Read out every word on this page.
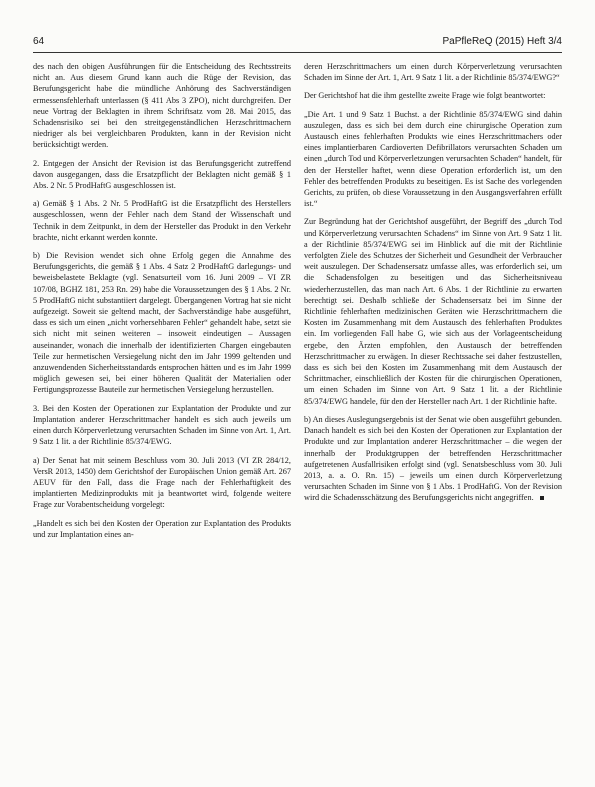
64	PaPfleReQ (2015) Heft 3/4

des nach den obigen Ausführungen für die Entscheidung des Rechtsstreits nicht an. Aus diesem Grund kann auch die Rüge der Revision, das Berufungsgericht habe die mündliche Anhörung des Sachverständigen ermessensfehlerhaft unterlassen (§ 411 Abs 3 ZPO), nicht durchgreifen. Der neue Vortrag der Beklagten in ihrem Schriftsatz vom 28. Mai 2015, das Schadensrisiko sei bei den streitgegenständlichen Herzschrittmachern niedriger als bei vergleichbaren Produkten, kann in der Revision nicht berücksichtigt werden.

2. Entgegen der Ansicht der Revision ist das Berufungsgericht zutreffend davon ausgegangen, dass die Ersatzpflicht der Beklagten nicht gemäß § 1 Abs. 2 Nr. 5 ProdHaftG ausgeschlossen ist.

a) Gemäß § 1 Abs. 2 Nr. 5 ProdHaftG ist die Ersatzpflicht des Herstellers ausgeschlossen, wenn der Fehler nach dem Stand der Wissenschaft und Technik in dem Zeitpunkt, in dem der Hersteller das Produkt in den Verkehr brachte, nicht erkannt werden konnte.

b) Die Revision wendet sich ohne Erfolg gegen die Annahme des Berufungsgerichts, die gemäß § 1 Abs. 4 Satz 2 ProdHaftG darlegungs- und beweisbelastete Beklagte (vgl. Senatsurteil vom 16. Juni 2009 – VI ZR 107/08, BGHZ 181, 253 Rn. 29) habe die Voraussetzungen des § 1 Abs. 2 Nr. 5 ProdHaftG nicht substantiiert dargelegt. Übergangenen Vortrag hat sie nicht aufgezeigt. Soweit sie geltend macht, der Sachverständige habe ausgeführt, dass es sich um einen „nicht vorhersehbaren Fehler“ gehandelt habe, setzt sie sich nicht mit seinen weiteren – insoweit eindeutigen – Aussagen auseinander, wonach die innerhalb der identifizierten Chargen eingebauten Teile zur hermetischen Versiegelung nicht den im Jahr 1999 geltenden und anzuwendenden Sicherheitsstandards entsprochen hätten und es im Jahr 1999 möglich gewesen sei, bei einer höheren Qualität der Materialien oder Fertigungsprozesse Bauteile zur hermetischen Versiegelung herzustellen.

3. Bei den Kosten der Operationen zur Explantation der Produkte und zur Implantation anderer Herzschrittmacher handelt es sich auch jeweils um einen durch Körperverletzung verursachten Schaden im Sinne von Art. 1, Art. 9 Satz 1 lit. a der Richtlinie 85/374/EWG.

a) Der Senat hat mit seinem Beschluss vom 30. Juli 2013 (VI ZR 284/12, VersR 2013, 1450) dem Gerichtshof der Europäischen Union gemäß Art. 267 AEUV für den Fall, dass die Frage nach der Fehlerhaftigkeit des implantierten Medizinprodukts mit ja beantwortet wird, folgende weitere Frage zur Vorabentscheidung vorgelegt:

„Handelt es sich bei den Kosten der Operation zur Explantation des Produkts und zur Implantation eines an-

deren Herzschrittmachers um einen durch Körperverletzung verursachten Schaden im Sinne der Art. 1, Art. 9 Satz 1 lit. a der Richtlinie 85/374/EWG?“

Der Gerichtshof hat die ihm gestellte zweite Frage wie folgt beantwortet:

„Die Art. 1 und 9 Satz 1 Buchst. a der Richtlinie 85/374/EWG sind dahin auszulegen, dass es sich bei dem durch eine chirurgische Operation zum Austausch eines fehlerhaften Produkts wie eines Herzschrittmachers oder eines implantierbaren Cardioverten Defibrillators verursachten Schaden um einen „durch Tod und Körperverletzungen verursachten Schaden“ handelt, für den der Hersteller haftet, wenn diese Operation erforderlich ist, um den Fehler des betreffenden Produkts zu beseitigen. Es ist Sache des vorlegenden Gerichts, zu prüfen, ob diese Voraussetzung in den Ausgangsverfahren erfüllt ist.“

Zur Begründung hat der Gerichtshof ausgeführt, der Begriff des „durch Tod und Körperverletzung verursachten Schadens“ im Sinne von Art. 9 Satz 1 lit. a der Richtlinie 85/374/EWG sei im Hinblick auf die mit der Richtlinie verfolgten Ziele des Schutzes der Sicherheit und Gesundheit der Verbraucher weit auszulegen. Der Schadensersatz umfasse alles, was erforderlich sei, um die Schadensfolgen zu beseitigen und das Sicherheitsniveau wiederherzustellen, das man nach Art. 6 Abs. 1 der Richtlinie zu erwarten berechtigt sei. Deshalb schließe der Schadensersatz bei im Sinne der Richtlinie fehlerhaften medizinischen Geräten wie Herzschrittmachern die Kosten im Zusammenhang mit dem Austausch des fehlerhaften Produktes ein. Im vorliegenden Fall habe G, wie sich aus der Vorlageentscheidung ergebe, den Ärzten empfohlen, den Austausch der betreffenden Herzschrittmacher zu erwägen. In dieser Rechtssache sei daher festzustellen, dass es sich bei den Kosten im Zusammenhang mit dem Austausch der Schrittmacher, einschließlich der Kosten für die chirurgischen Operationen, um einen Schaden im Sinne von Art. 9 Satz 1 lit. a der Richtlinie 85/374/EWG handele, für den der Hersteller nach Art. 1 der Richtlinie hafte.

b) An dieses Auslegungsergebnis ist der Senat wie oben ausgeführt gebunden. Danach handelt es sich bei den Kosten der Operationen zur Explantation der Produkte und zur Implantation anderer Herzschrittmacher – die wegen der innerhalb der Produktgruppen der betreffenden Herzschrittmacher aufgetretenen Ausfallrisiken erfolgt sind (vgl. Senatsbeschluss vom 30. Juli 2013, a. a. O. Rn. 15) – jeweils um einen durch Körperverletzung verursachten Schaden im Sinne von § 1 Abs. 1 ProdHaftG. Von der Revision wird die Schadensschätzung des Berufungsgerichts nicht angegriffen.
